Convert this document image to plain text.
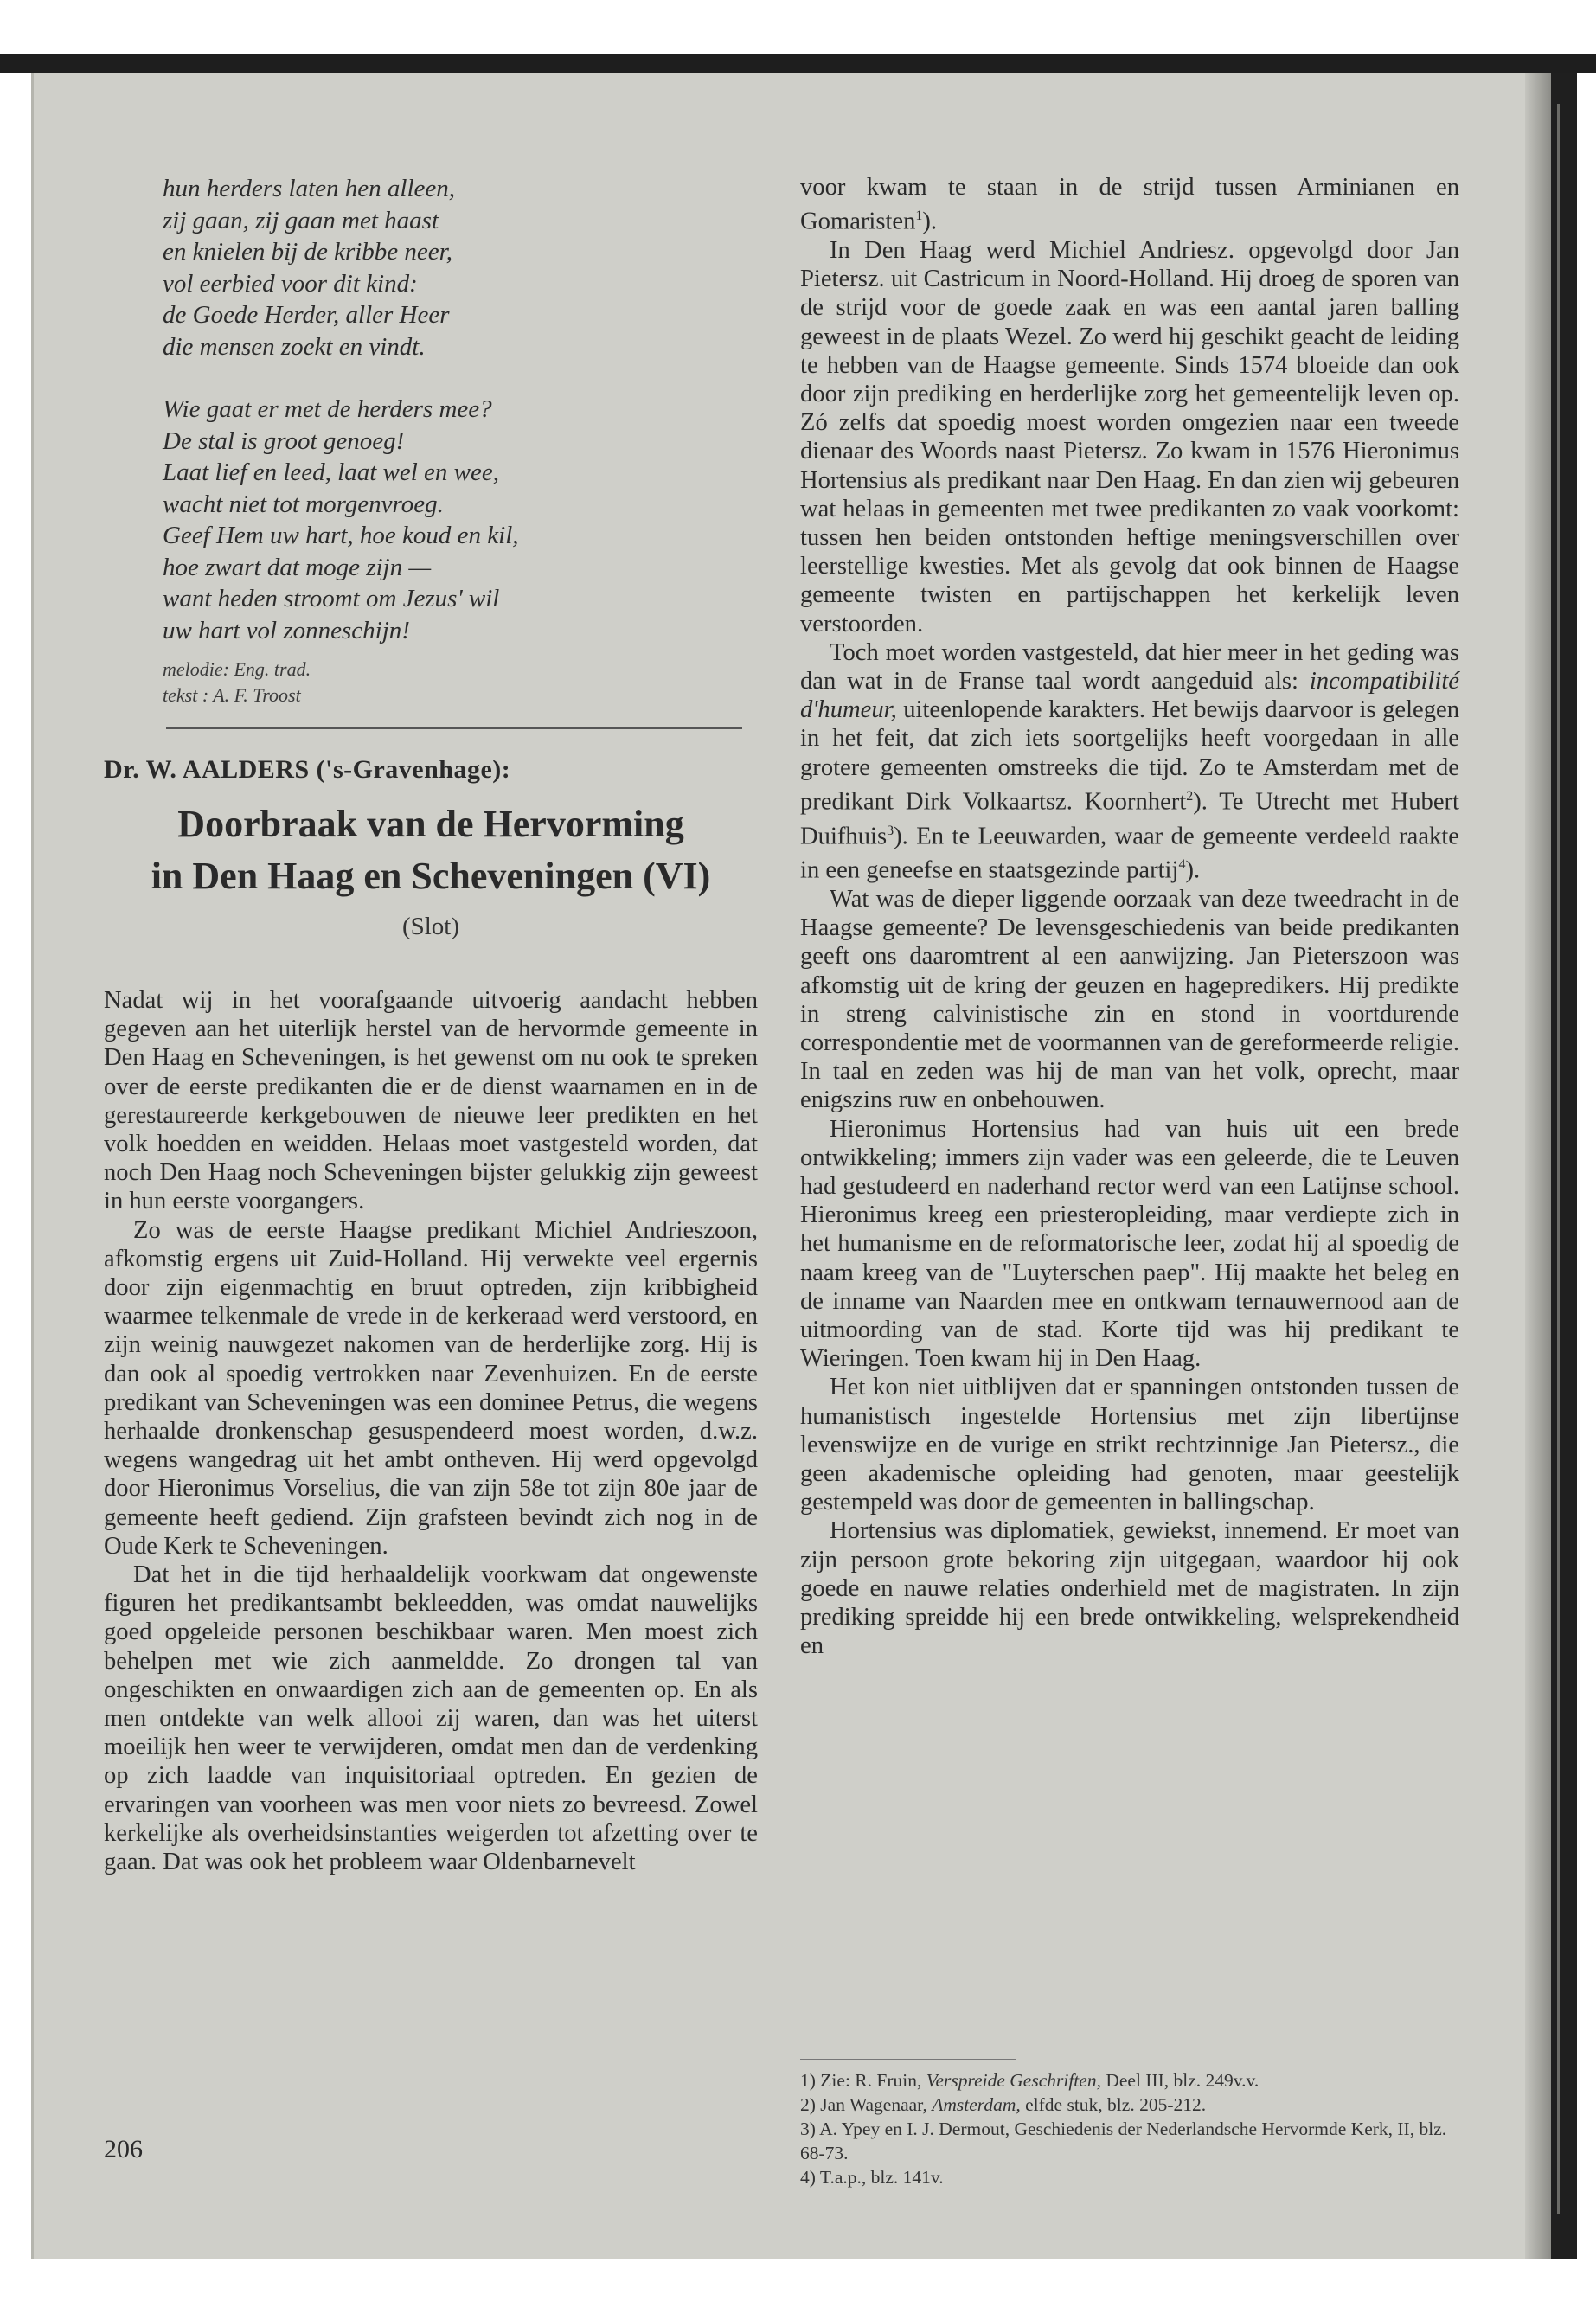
hun herders laten hen alleen,
zij gaan, zij gaan met haast
en knielen bij de kribbe neer,
vol eerbied voor dit kind:
de Goede Herder, aller Heer
die mensen zoekt en vindt.
Wie gaat er met de herders mee?
De stal is groot genoeg!
Laat lief en leed, laat wel en wee,
wacht niet tot morgenvroeg.
Geef Hem uw hart, hoe koud en kil,
hoe zwart dat moge zijn —
want heden stroomt om Jezus' wil
uw hart vol zonneschijn!
melodie: Eng. trad.
tekst : A. F. Troost
Dr. W. AALDERS ('s-Gravenhage):
Doorbraak van de Hervorming
in Den Haag en Scheveningen (VI)
(Slot)
Nadat wij in het voorafgaande uitvoerig aandacht hebben gegeven aan het uiterlijk herstel van de hervormde gemeente in Den Haag en Scheveningen, is het gewenst om nu ook te spreken over de eerste predikanten die er de dienst waarnamen en in de gerestaureerde kerkgebouwen de nieuwe leer predikten en het volk hoedden en weidden. Helaas moet vastgesteld worden, dat noch Den Haag noch Scheveningen bijster gelukkig zijn geweest in hun eerste voorgangers.
Zo was de eerste Haagse predikant Michiel Andrieszoon, afkomstig ergens uit Zuid-Holland. Hij verwekte veel ergernis door zijn eigenmachtig en bruut optreden, zijn kribbigheid waarmee telkenmale de vrede in de kerkeraad werd verstoord, en zijn weinig nauwgezet nakomen van de herderlijke zorg. Hij is dan ook al spoedig vertrokken naar Zevenhuizen. En de eerste predikant van Scheveningen was een dominee Petrus, die wegens herhaalde dronkenschap gesuspendeerd moest worden, d.w.z. wegens wangedrag uit het ambt ontheven. Hij werd opgevolgd door Hieronimus Vorselius, die van zijn 58e tot zijn 80e jaar de gemeente heeft gediend. Zijn grafsteen bevindt zich nog in de Oude Kerk te Scheveningen.
Dat het in die tijd herhaaldelijk voorkwam dat ongewenste figuren het predikantsambt bekleedden, was omdat nauwelijks goed opgeleide personen beschikbaar waren. Men moest zich behelpen met wie zich aanmeldde. Zo drongen tal van ongeschikten en onwaardigen zich aan de gemeenten op. En als men ontdekte van welk allooi zij waren, dan was het uiterst moeilijk hen weer te verwijderen, omdat men dan de verdenking op zich laadde van inquisitoriaal optreden. En gezien de ervaringen van voorheen was men voor niets zo bevreesd. Zowel kerkelijke als overheidsinstanties weigerden tot afzetting over te gaan. Dat was ook het probleem waar Oldenbarnevelt
206
voor kwam te staan in de strijd tussen Arminianen en Gomaristen$^1$).
In Den Haag werd Michiel Andriesz. opgevolgd door Jan Pietersz. uit Castricum in Noord-Holland. Hij droeg de sporen van de strijd voor de goede zaak en was een aantal jaren balling geweest in de plaats Wezel. Zo werd hij geschikt geacht de leiding te hebben van de Haagse gemeente. Sinds 1574 bloeide dan ook door zijn prediking en herderlijke zorg het gemeentelijk leven op. Zó zelfs dat spoedig moest worden omgezien naar een tweede dienaar des Woords naast Pietersz. Zo kwam in 1576 Hieronimus Hortensius als predikant naar Den Haag. En dan zien wij gebeuren wat helaas in gemeenten met twee predikanten zo vaak voorkomt: tussen hen beiden ontstonden heftige meningsverschillen over leerstellige kwesties. Met als gevolg dat ook binnen de Haagse gemeente twisten en partijschappen het kerkelijk leven verstoorden.
Toch moet worden vastgesteld, dat hier meer in het geding was dan wat in de Franse taal wordt aangeduid als: incompatibilité d'humeur, uiteenlopende karakters. Het bewijs daarvoor is gelegen in het feit, dat zich iets soortgelijks heeft voorgedaan in alle grotere gemeenten omstreeks die tijd. Zo te Amsterdam met de predikant Dirk Volkaartsz. Koornhert$^2$). Te Utrecht met Hubert Duifhuis$^3$). En te Leeuwarden, waar de gemeente verdeeld raakte in een geneefse en staatsgezinde partij$^4$).
Wat was de dieper liggende oorzaak van deze tweedracht in de Haagse gemeente? De levensgeschiedenis van beide predikanten geeft ons daaromtrent al een aanwijzing. Jan Pieterszoon was afkomstig uit de kring der geuzen en hagepredikers. Hij predikte in streng calvinistische zin en stond in voortdurende correspondentie met de voormannen van de gereformeerde religie. In taal en zeden was hij de man van het volk, oprecht, maar enigszins ruw en onbehouwen.
Hieronimus Hortensius had van huis uit een brede ontwikkeling; immers zijn vader was een geleerde, die te Leuven had gestudeerd en naderhand rector werd van een Latijnse school. Hieronimus kreeg een priesteropleiding, maar verdiepte zich in het humanisme en de reformatorische leer, zodat hij al spoedig de naam kreeg van de "Luyterschen paep". Hij maakte het beleg en de inname van Naarden mee en ontkwam ternauwernood aan de uitmoording van de stad. Korte tijd was hij predikant te Wieringen. Toen kwam hij in Den Haag.
Het kon niet uitblijven dat er spanningen ontstonden tussen de humanistisch ingestelde Hortensius met zijn libertijnse levenswijze en de vurige en strikt rechtzinnige Jan Pietersz., die geen akademische opleiding had genoten, maar geestelijk gestempeld was door de gemeenten in ballingschap.
Hortensius was diplomatiek, gewiekst, innemend. Er moet van zijn persoon grote bekoring zijn uitgegaan, waardoor hij ook goede en nauwe relaties onderhield met de magistraten. In zijn prediking spreidde hij een brede ontwikkeling, welsprekendheid en
1) Zie: R. Fruin, Verspreide Geschriften, Deel III, blz. 249v.v.
2) Jan Wagenaar, Amsterdam, elfde stuk, blz. 205-212.
3) A. Ypey en I. J. Dermout, Geschiedenis der Nederlandsche Hervormde Kerk, II, blz. 68-73.
4) T.a.p., blz. 141v.
